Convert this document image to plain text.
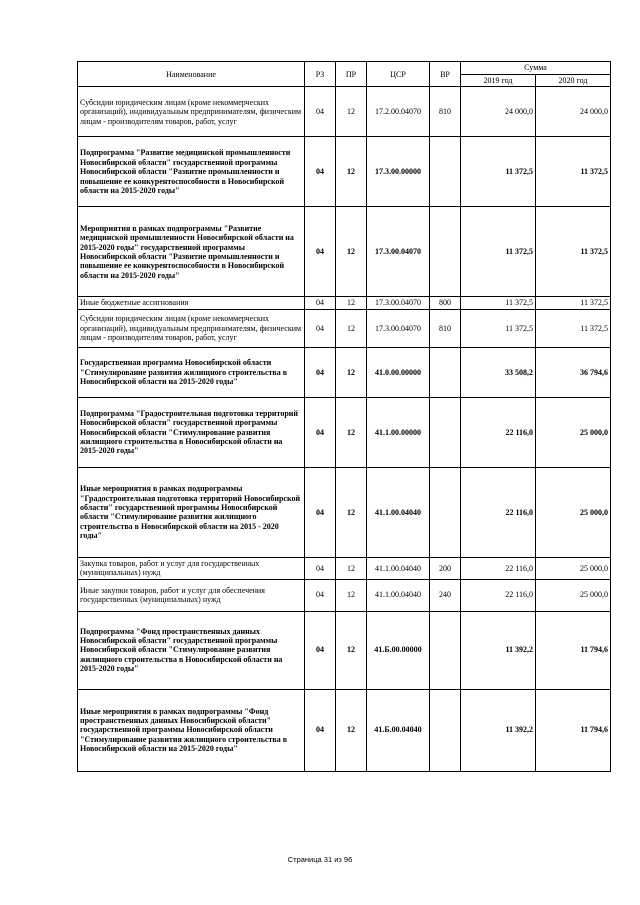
Наименование	РЗ	ПР	ЦСР	ВР	Сумма	
					2019 год	2020 год
Субсидии юридическим лицам (кроме некоммерческих организаций), индивидуальным предпринимателям, физическим лицам - производителям товаров, работ, услуг	04	12	17.2.00.04070	810	24 000,0	24 000,0
Подпрограмма "Развитие медицинской промышленности Новосибирской области" государственной программы Новосибирской области "Развитие промышленности и повышение ее конкурентоспособности в Новосибирской области на 2015-2020 годы"	04	12	17.3.00.00000		11 372,5	11 372,5
Мероприятия в рамках подпрограммы "Развитие медицинской промышленности Новосибирской области на 2015-2020 годы" государственной программы Новосибирской области "Развитие промышленности и повышение ее конкурентоспособности в Новосибирской области на 2015-2020 годы"	04	12	17.3.00.04070		11 372,5	11 372,5
Иные бюджетные ассигнования	04	12	17.3.00.04070	800	11 372,5	11 372,5
Субсидии юридическим лицам (кроме некоммерческих организаций), индивидуальным предпринимателям, физическим лицам - производителям товаров, работ, услуг	04	12	17.3.00.04070	810	11 372,5	11 372,5
Государственная программа Новосибирской области "Стимулирование развития жилищного строительства в Новосибирской области на 2015-2020 годы"	04	12	41.0.00.00000		33 508,2	36 794,6
Подпрограмма "Градостроительная подготовка территорий Новосибирской области" государственной программы Новосибирской области "Стимулирование развития жилищного строительства в Новосибирской области на 2015-2020 годы"	04	12	41.1.00.00000		22 116,0	25 000,0
Иные мероприятия в рамках подпрограммы "Градостроительная подготовка территорий Новосибирской области" государственной программы Новосибирской области "Стимулирование развития жилищного строительства в Новосибирской области на 2015 - 2020 годы"	04	12	41.1.00.04040		22 116,0	25 000,0
Закупка товаров, работ и услуг для государственных (муниципальных) нужд	04	12	41.1.00.04040	200	22 116,0	25 000,0
Иные закупки товаров, работ и услуг для обеспечения государственных (муниципальных) нужд	04	12	41.1.00.04040	240	22 116,0	25 000,0
Подпрограмма "Фонд пространственных данных Новосибирской области" государственной программы Новосибирской области "Стимулирование развития жилищного строительства в Новосибирской области на 2015-2020 годы"	04	12	41.Б.00.00000		11 392,2	11 794,6
Иные мероприятия в рамках подпрограммы "Фонд пространственных данных Новосибирской области" государственной программы Новосибирской области "Стимулирование развития жилищного строительства в Новосибирской области на 2015-2020 годы"	04	12	41.Б.00.04040		11 392,2	11 794,6
Страница 31 из 96
